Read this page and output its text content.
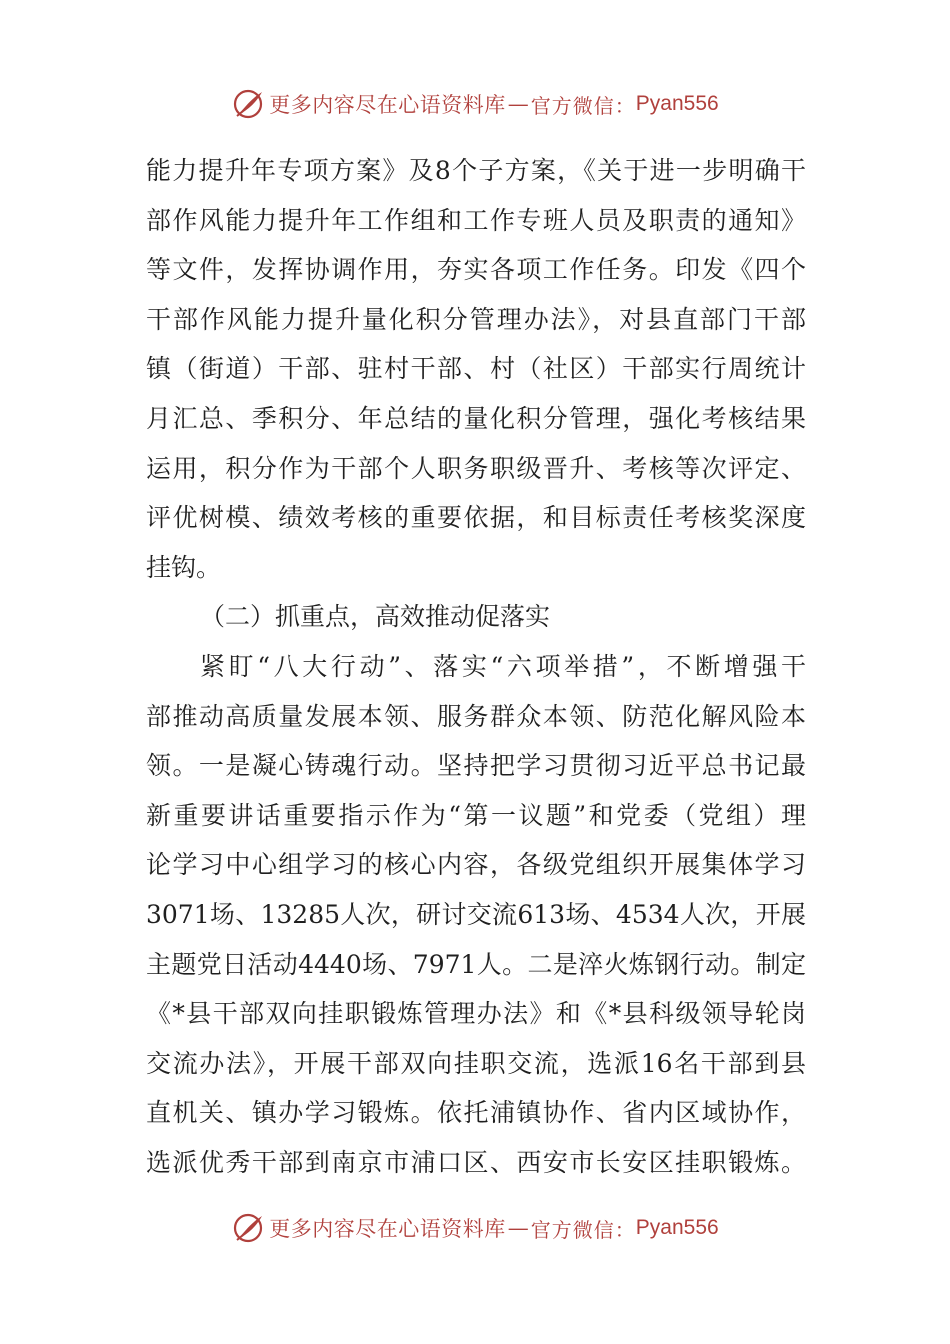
更多内容尽在心语资料库 — 官方微信： Pyan556
能力提升年专项方案》及8个子方案，《关于进一步明确干
部作风能力提升年工作组和工作专班人员及职责的通知》
等文件，发挥协调作用，夯实各项工作任务。印发《四个
干部作风能力提升量化积分管理办法》，对县直部门干部
镇（街道）干部、驻村干部、村（社区）干部实行周统计
月汇总、季积分、年总结的量化积分管理，强化考核结果
运用，积分作为干部个人职务职级晋升、考核等次评定、
评优树模、绩效考核的重要依据，和目标责任考核奖深度
挂钩。
（二）抓重点，高效推动促落实
紧盯“八大行动”、落实“六项举措”，不断增强干
部推动高质量发展本领、服务群众本领、防范化解风险本
领。一是凝心铸魂行动。坚持把学习贯彻习近平总书记最
新重要讲话重要指示作为“第一议题”和党委（党组）理
论学习中心组学习的核心内容，各级党组织开展集体学习
3071场、13285人次，研讨交流613场、4534人次，开展
主题党日活动4440场、7971人。二是淬火炼钢行动。制定
《*县干部双向挂职锻炼管理办法》和《*县科级领导轮岗
交流办法》，开展干部双向挂职交流，选派16名干部到县
直机关、镇办学习锻炼。依托浦镇协作、省内区域协作，
选派优秀干部到南京市浦口区、西安市长安区挂职锻炼。
更多内容尽在心语资料库 — 官方微信： Pyan556
